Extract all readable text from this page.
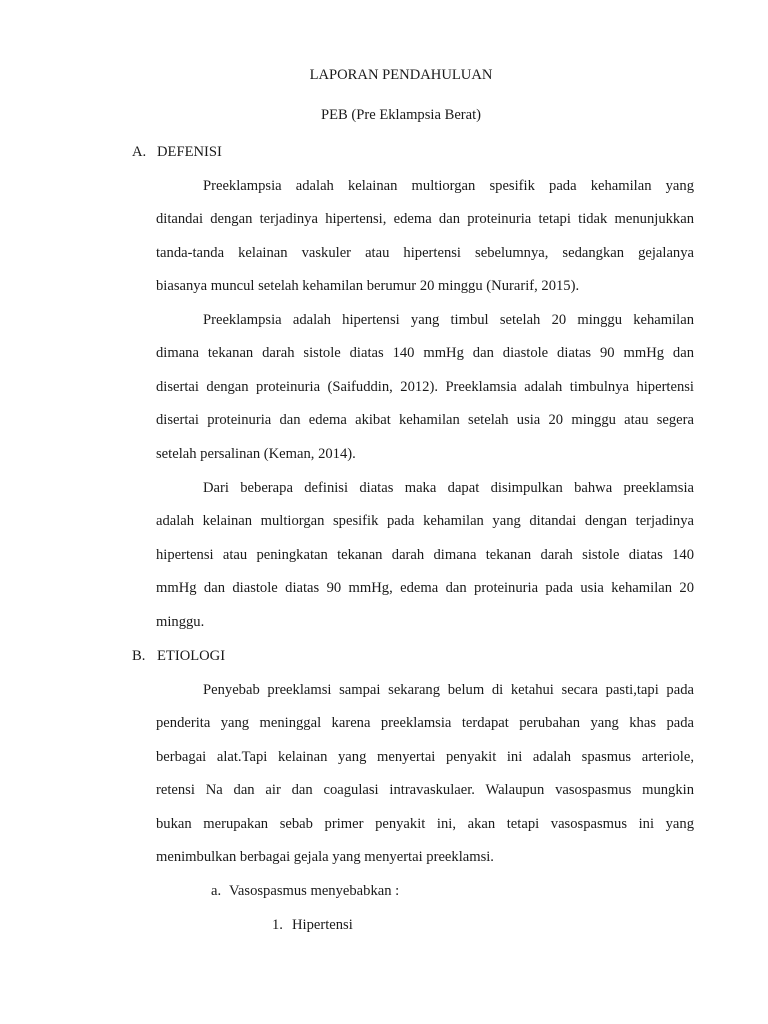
LAPORAN PENDAHULUAN
PEB (Pre Eklampsia Berat)
A. DEFENISI
Preeklampsia adalah kelainan multiorgan spesifik pada kehamilan yang
ditandai dengan terjadinya hipertensi, edema dan proteinuria tetapi tidak menunjukkan
tanda-tanda kelainan vaskuler atau hipertensi sebelumnya, sedangkan gejalanya
biasanya muncul setelah kehamilan berumur 20 minggu (Nurarif, 2015).
Preeklampsia adalah hipertensi yang timbul setelah 20 minggu kehamilan
dimana tekanan darah sistole diatas 140 mmHg dan diastole diatas 90 mmHg dan
disertai dengan proteinuria (Saifuddin, 2012). Preeklamsia adalah timbulnya hipertensi
disertai proteinuria dan edema akibat kehamilan setelah usia 20 minggu atau segera
setelah persalinan (Keman, 2014).
Dari beberapa definisi diatas maka dapat disimpulkan bahwa preeklamsia
adalah kelainan multiorgan spesifik pada kehamilan yang ditandai dengan terjadinya
hipertensi atau peningkatan tekanan darah dimana tekanan darah sistole diatas 140
mmHg dan diastole diatas 90 mmHg, edema dan proteinuria pada usia kehamilan 20
minggu.
B. ETIOLOGI
Penyebab preeklamsi sampai sekarang belum di ketahui secara pasti,tapi pada
penderita yang meninggal karena preeklamsia terdapat perubahan yang khas pada
berbagai alat.Tapi kelainan yang menyertai penyakit ini adalah spasmus arteriole,
retensi Na dan air dan coagulasi intravaskulaer. Walaupun vasospasmus mungkin
bukan merupakan sebab primer penyakit ini, akan tetapi vasospasmus ini yang
menimbulkan berbagai gejala yang menyertai preeklamsi.
a. Vasospasmus menyebabkan :
1. Hipertensi
